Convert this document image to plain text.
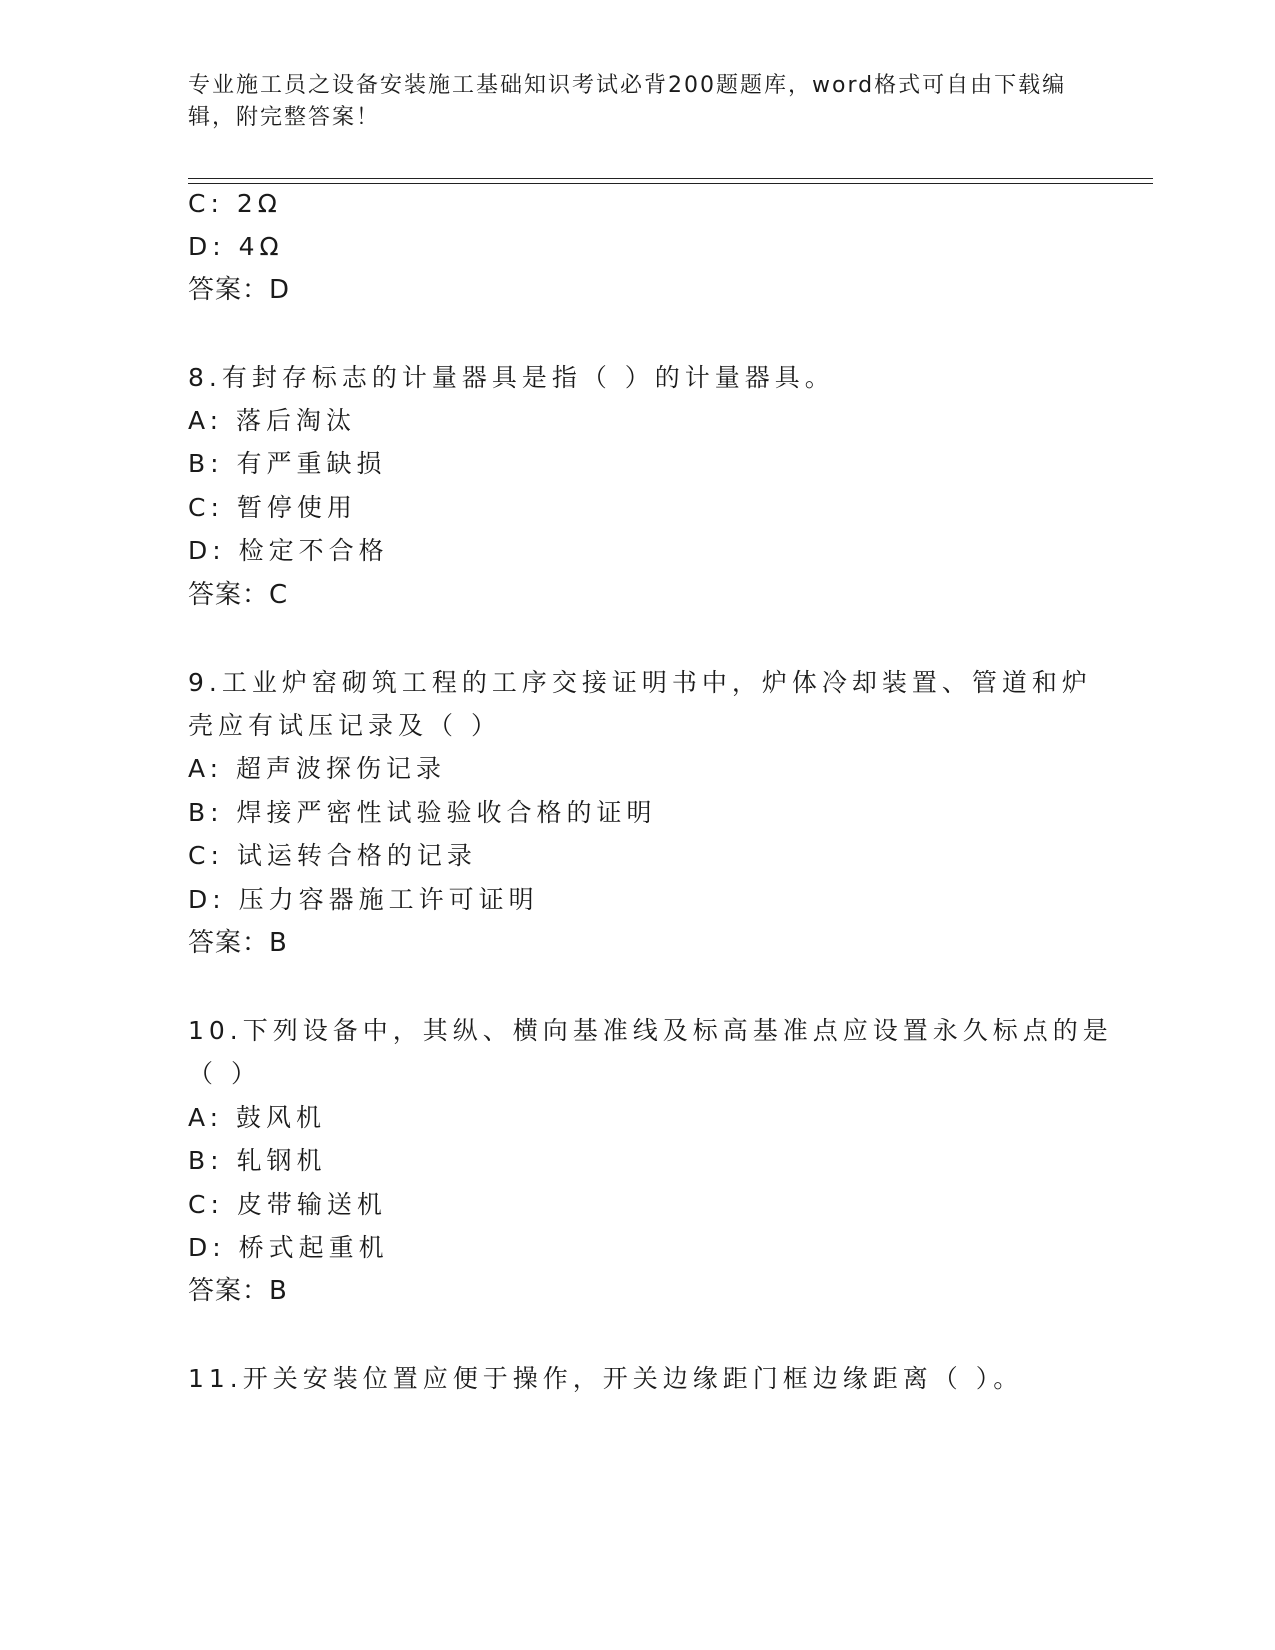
专业施工员之设备安装施工基础知识考试必背200题题库，word格式可自由下载编辑，附完整答案！
C: 2Ω
D: 4Ω
答案：D
8.有封存标志的计量器具是指（ ）的计量器具。
A: 落后淘汰
B: 有严重缺损
C: 暂停使用
D: 检定不合格
答案：C
9.工业炉窑砌筑工程的工序交接证明书中，炉体冷却装置、管道和炉
壳应有试压记录及（ ）
A: 超声波探伤记录
B: 焊接严密性试验验收合格的证明
C: 试运转合格的记录
D: 压力容器施工许可证明
答案：B
10.下列设备中，其纵、横向基准线及标高基准点应设置永久标点的是
（ ）
A: 鼓风机
B: 轧钢机
C: 皮带输送机
D: 桥式起重机
答案：B
11.开关安装位置应便于操作，开关边缘距门框边缘距离（ ）。
